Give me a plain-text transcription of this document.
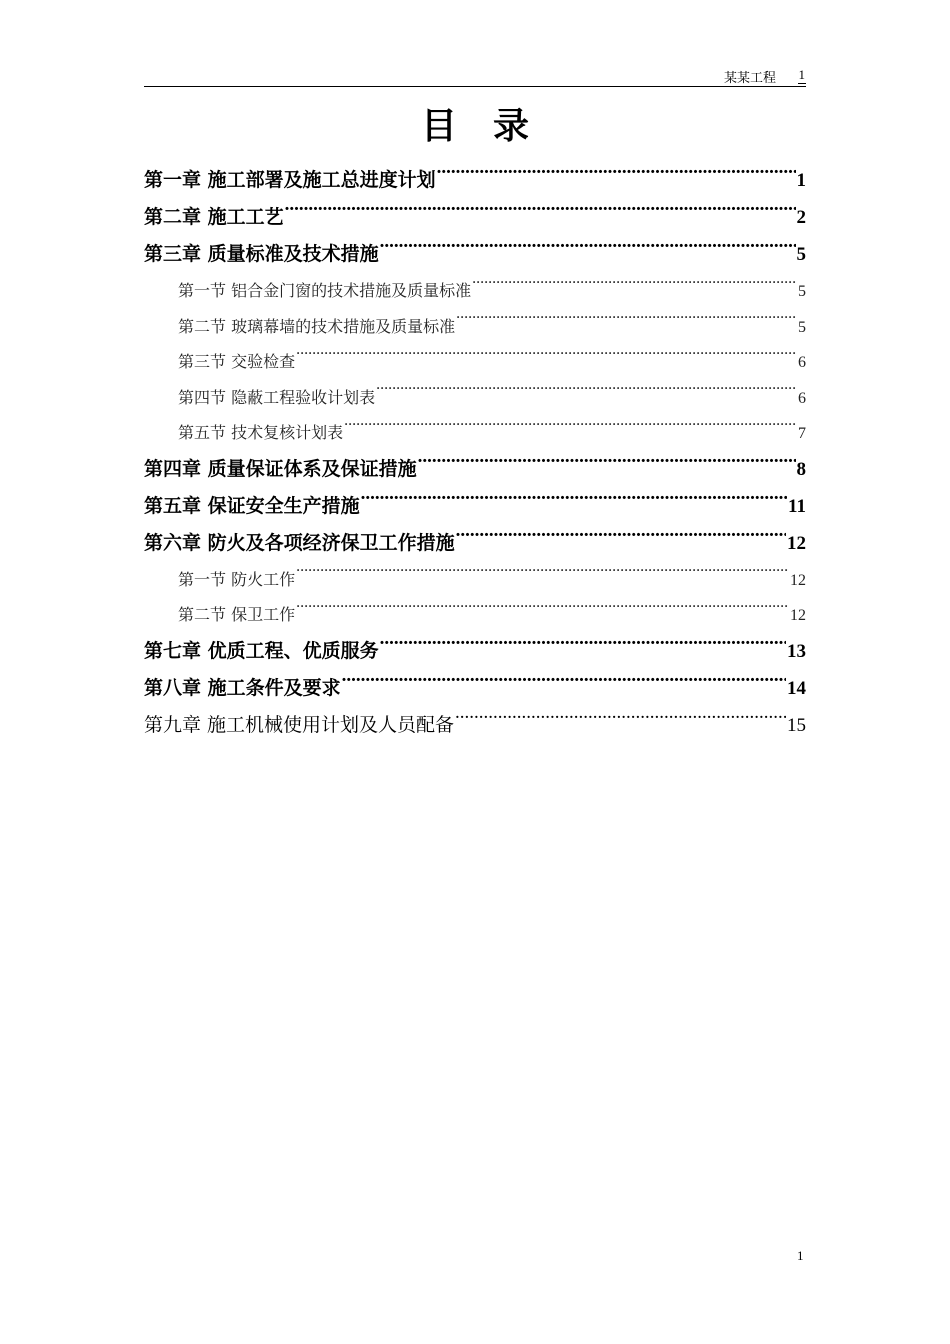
某某工程 1
目录
第一章 施工部署及施工总进度计划 .....	1
第二章 施工工艺 .....	2
第三章 质量标准及技术措施 .....	5
第一节 铝合金门窗的技术措施及质量标准 .....	5
第二节 玻璃幕墙的技术措施及质量标准 .....	5
第三节 交验检查 .....	6
第四节 隐蔽工程验收计划表 .....	6
第五节 技术复核计划表 .....	7
第四章 质量保证体系及保证措施 .....	8
第五章 保证安全生产措施 .....	11
第六章 防火及各项经济保卫工作措施 .....	12
第一节 防火工作 .....	12
第二节 保卫工作 .....	12
第七章 优质工程、优质服务 .....	13
第八章 施工条件及要求 .....	14
第九章 施工机械使用计划及人员配备 .....	15
1
